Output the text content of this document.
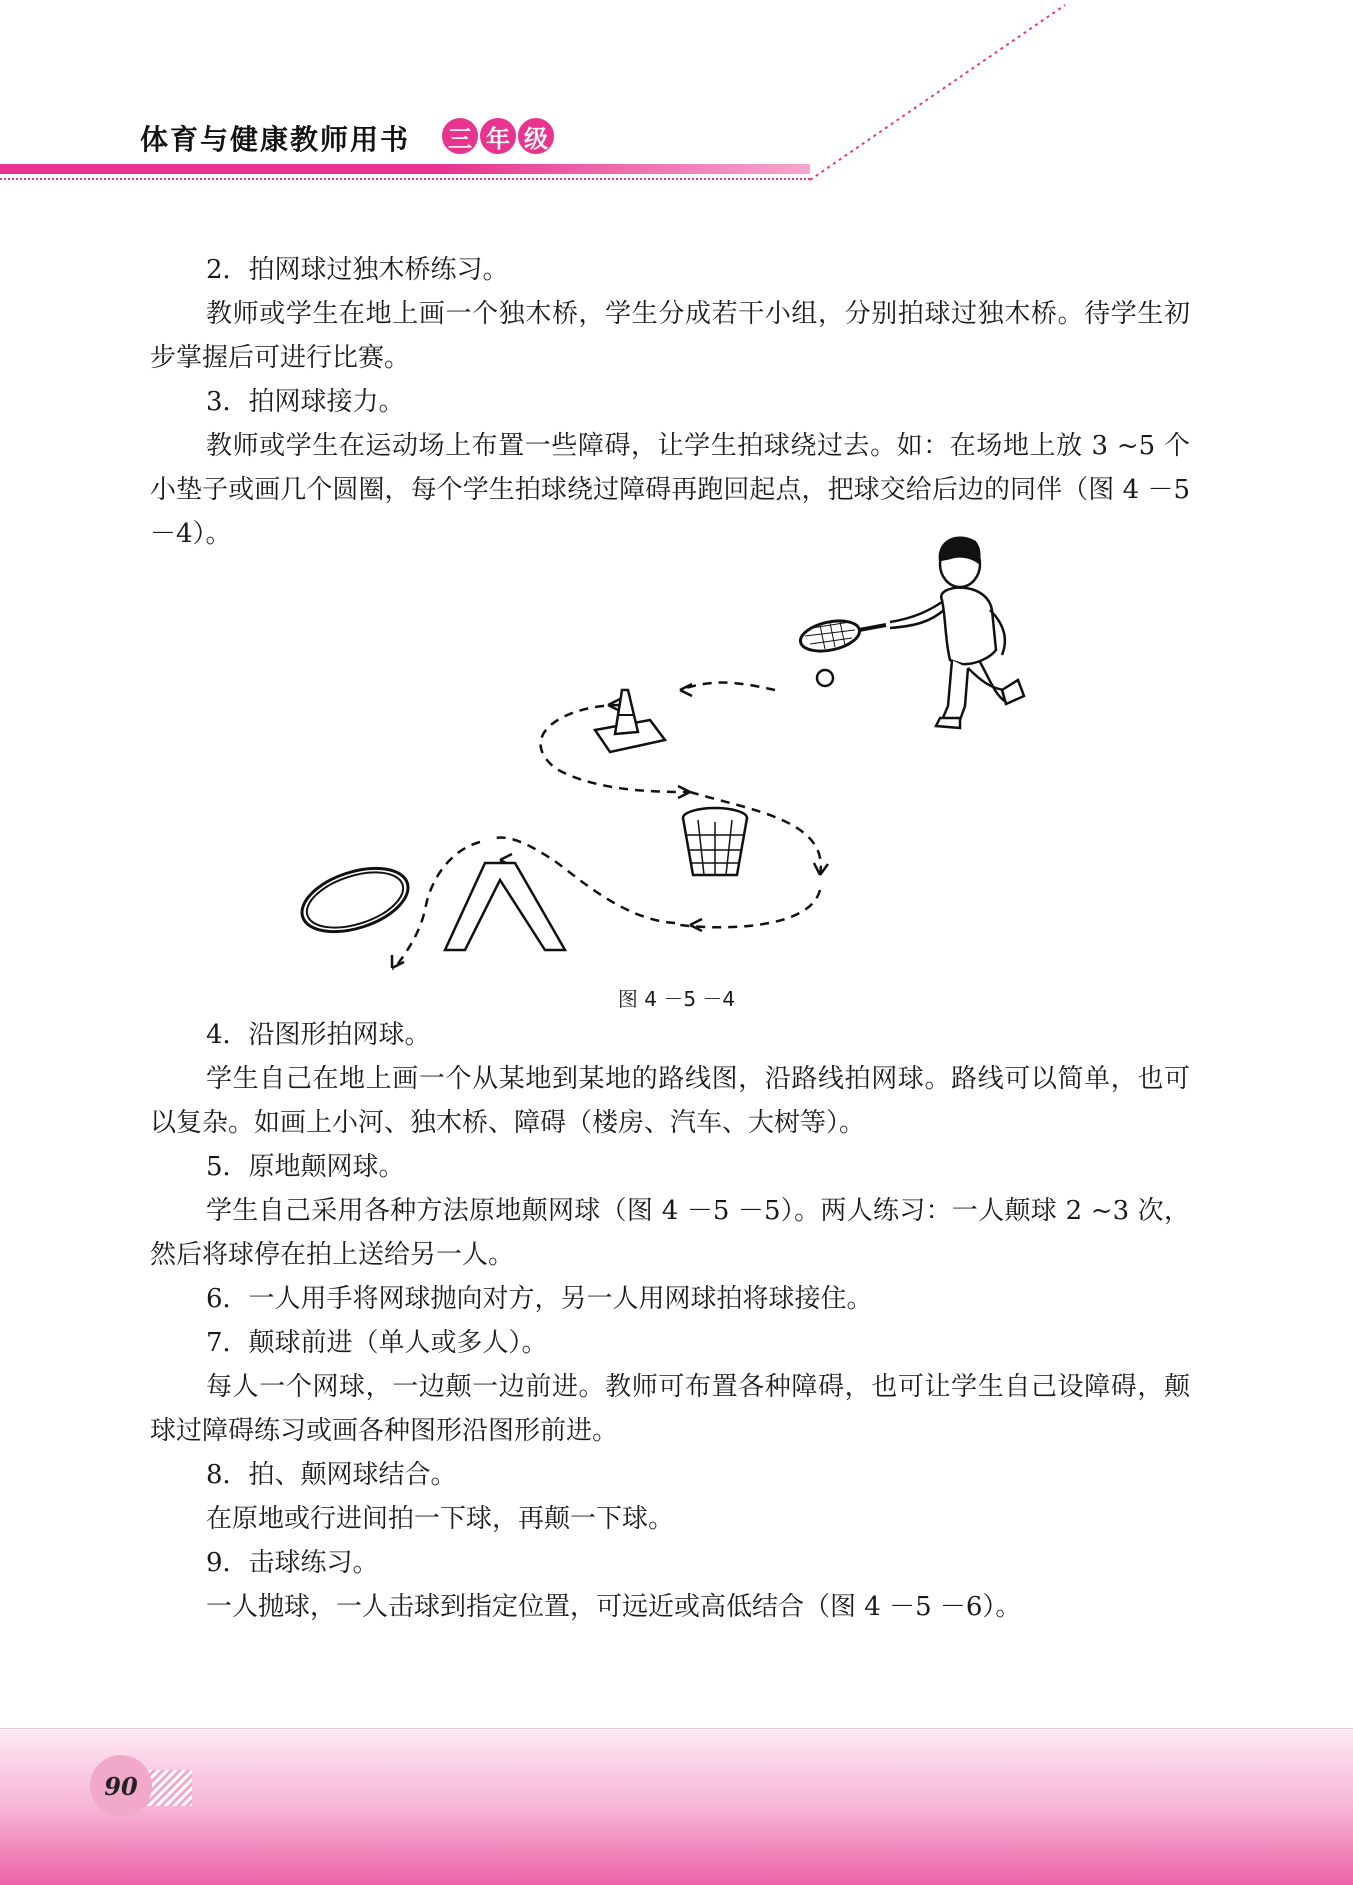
体育与健康教师用书	三 年 级

2．拍网球过独木桥练习。

教师或学生在地上画一个独木桥，学生分成若干小组，分别拍球过独木桥。待学生初步掌握后可进行比赛。

3．拍网球接力。

教师或学生在运动场上布置一些障碍，让学生拍球绕过去。如：在场地上放 3 ~5 个小垫子或画几个圆圈，每个学生拍球绕过障碍再跑回起点，把球交给后边的同伴（图 4 －5 －4）。

图 4 －5 －4

4．沿图形拍网球。

学生自己在地上画一个从某地到某地的路线图，沿路线拍网球。路线可以简单，也可以复杂。如画上小河、独木桥、障碍（楼房、汽车、大树等）。

5．原地颠网球。

学生自己采用各种方法原地颠网球（图 4 －5 －5）。两人练习：一人颠球 2 ~3 次，然后将球停在拍上送给另一人。

6．一人用手将网球抛向对方，另一人用网球拍将球接住。

7．颠球前进（单人或多人）。

每人一个网球，一边颠一边前进。教师可布置各种障碍，也可让学生自己设障碍，颠球过障碍练习或画各种图形沿图形前进。

8．拍、颠网球结合。

在原地或行进间拍一下球，再颠一下球。

9．击球练习。

一人抛球，一人击球到指定位置，可远近或高低结合（图 4 －5 －6）。

90
